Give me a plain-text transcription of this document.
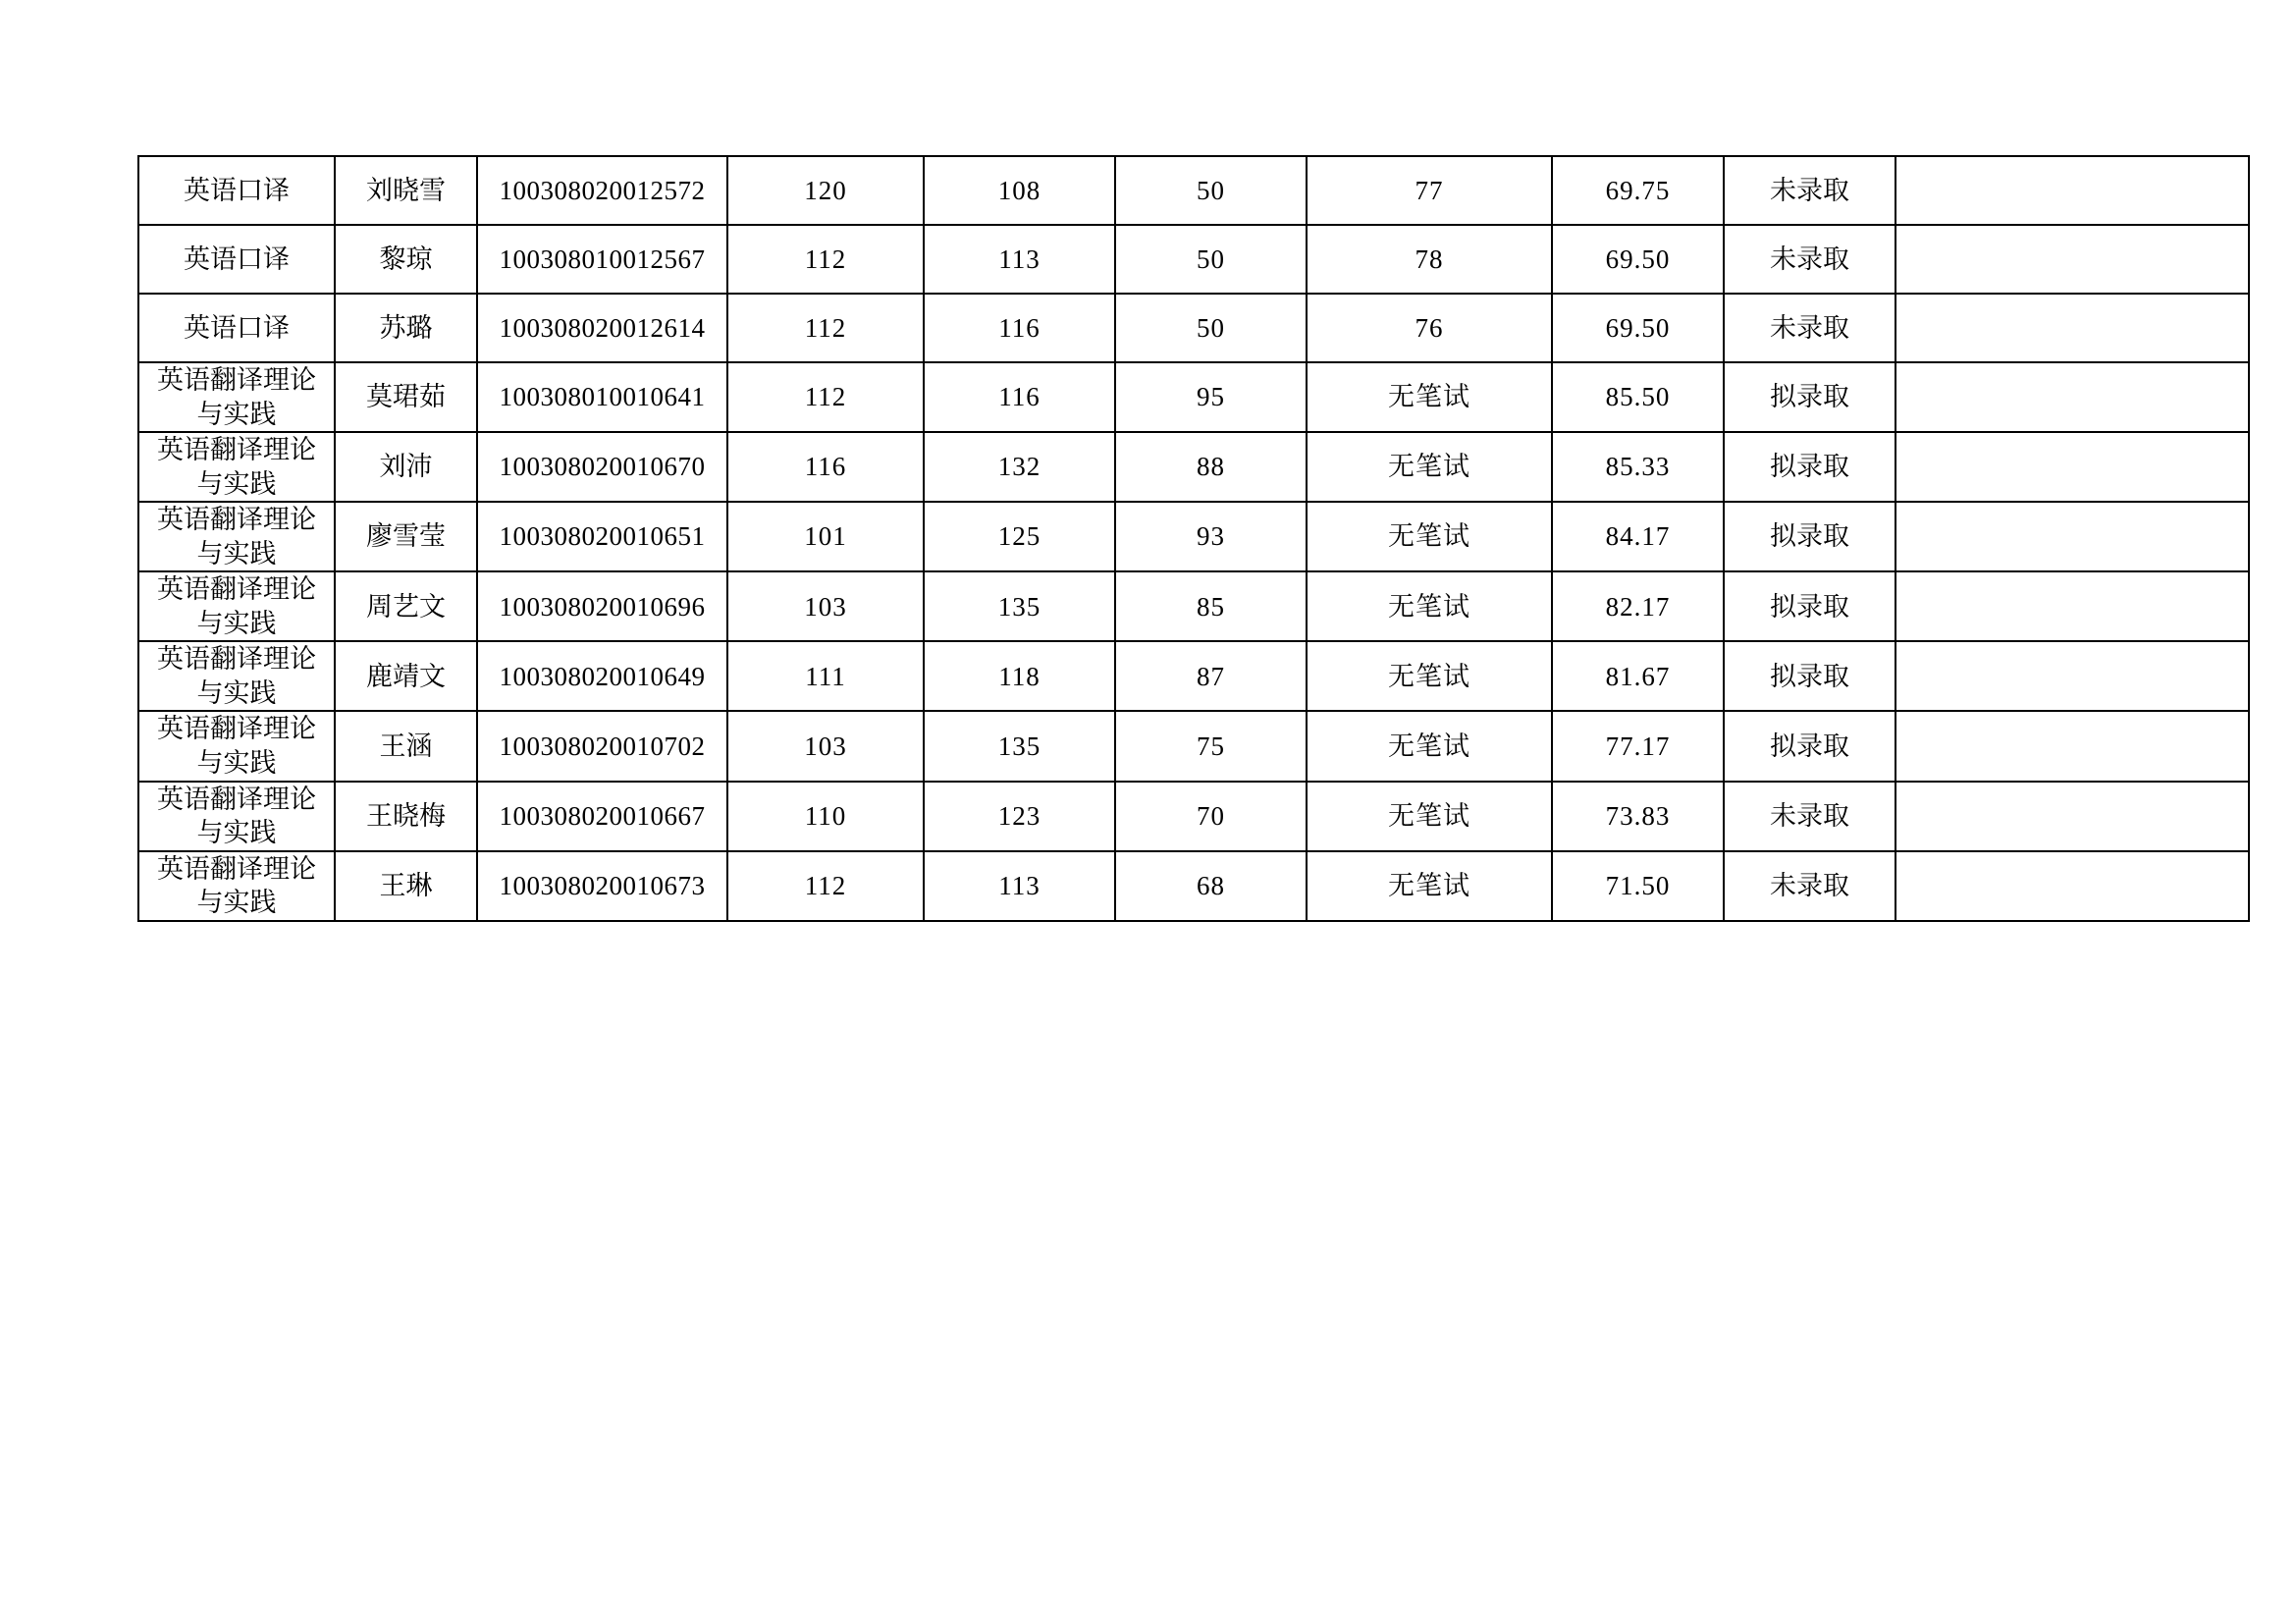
英语口译	刘晓雪	100308020012572	120	108	50	77	69.75	未录取	

英语口译	黎琼	100308010012567	112	113	50	78	69.50	未录取	

英语口译	苏璐	100308020012614	112	116	50	76	69.50	未录取	

英语翻译理论与实践	莫珺茹	100308010010641	112	116	95	无笔试	85.50	拟录取	

英语翻译理论与实践	刘沛	100308020010670	116	132	88	无笔试	85.33	拟录取	

英语翻译理论与实践	廖雪莹	100308020010651	101	125	93	无笔试	84.17	拟录取	

英语翻译理论与实践	周艺文	100308020010696	103	135	85	无笔试	82.17	拟录取	

英语翻译理论与实践	鹿靖文	100308020010649	111	118	87	无笔试	81.67	拟录取	

英语翻译理论与实践	王涵	100308020010702	103	135	75	无笔试	77.17	拟录取	

英语翻译理论与实践	王晓梅	100308020010667	110	123	70	无笔试	73.83	未录取	

英语翻译理论与实践	王琳	100308020010673	112	113	68	无笔试	71.50	未录取	
